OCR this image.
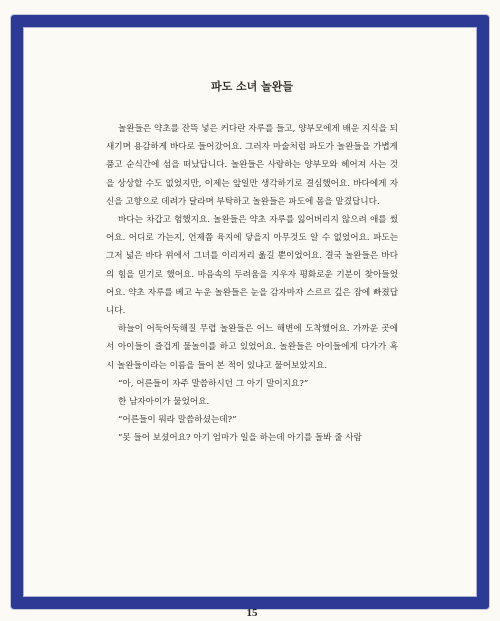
파도 소녀 놀완들

놀완들은 약초를 잔뜩 넣은 커다란 자루를 들고, 양부모에게 배운 지식을 되새기며 용감하게 바다로 들어갔어요. 그러자 마술처럼 파도가 놀완들을 가볍게 품고 순식간에 섬을 떠났답니다. 놀완들은 사랑하는 양부모와 헤어져 사는 것을 상상할 수도 없었지만, 이제는 앞일만 생각하기로 결심했어요. 바다에게 자신을 고향으로 데려가 달라며 부탁하고 놀완들은 파도에 몸을 맡겼답니다.

바다는 차갑고 험했지요. 놀완들은 약초 자루를 잃어버리지 않으려 애를 썼어요. 어디로 가는지, 언제쯤 육지에 닿을지 아무것도 알 수 없었어요. 파도는 그저 넓은 바다 위에서 그녀를 이리저리 옮길 뿐이었어요. 결국 놀완들은 바다의 힘을 믿기로 했어요. 마음속의 두려움을 지우자 평화로운 기분이 찾아들었어요. 약초 자루를 베고 누운 놀완들은 눈을 감자마자 스르르 깊은 잠에 빠졌답니다.

하늘이 어둑어둑해질 무렵 놀완들은 어느 해변에 도착했어요. 가까운 곳에서 아이들이 즐겁게 물놀이를 하고 있었어요. 놀완들은 아이들에게 다가가 혹시 놀완들이라는 이름을 들어 본 적이 있냐고 물어보았지요.

“아, 어른들이 자주 말씀하시던 그 아기 말이지요?”

한 남자아이가 물었어요.

“어른들이 뭐라 말씀하셨는데?”

“못 들어 보셨어요? 아기 엄마가 일을 하는데 아기를 돌봐 줄 사람

15
